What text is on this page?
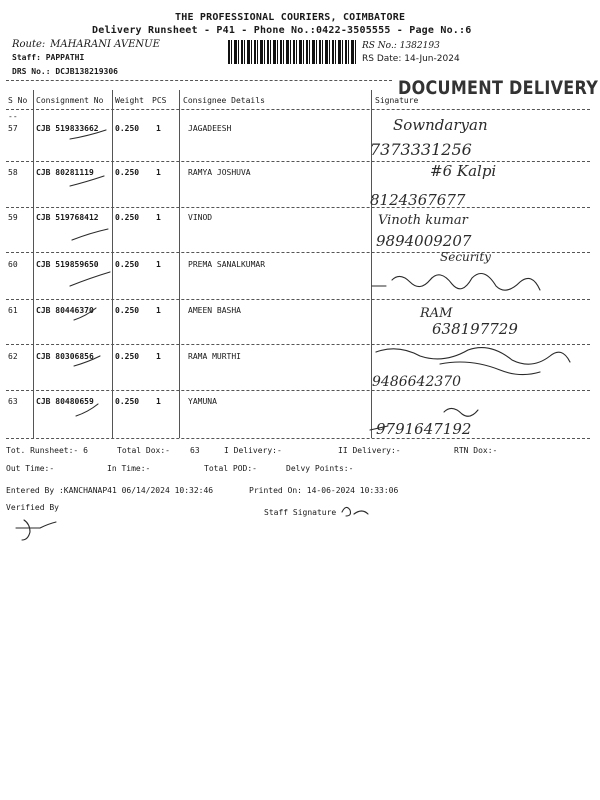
THE PROFESSIONAL COURIERS, COIMBATORE
Delivery Runsheet - P41 - Phone No.:0422-3505555 - Page No.:6
Route: MAHARANI AVENUE
Staff: PAPPATHI
DRS No.: DCJB138219306
RS No.: 1382193
RS Date: 14-Jun-2024
DOCUMENT DELIVERY
S No Consignment No Weight PCS Consignee Details	Signature
--
57 CJB 519833662 0.250 1	JAGADEESH	Sowndaryan
7373331256
58 CJB 80281119	0.250 1	RAMYA JOSHUVA	#6 Kalpi
8124367677
59 CJB 519768412 0.250 1	VINOD	Vinoth kumar
9894009207
60 CJB 519859650 0.250 1	PREMA SANALKUMAR
Security
61 CJB 80446370	0.250 1	AMEEN BASHA	RAM
638197729
62 CJB 80306856	0.250 1	RAMA MURTHI
9486642370
63 CJB 80480659	0.250 1	YAMUNA
9791647192
Tot. Runsheet:- 6	Total Dox:-	63	I Delivery:-	II Delivery:-	RTN Dox:-
Out Time:-	In Time:-	Total POD:-	Delvy Points:-
Entered By :KANCHANAP41 06/14/2024 10:32:46	Printed On: 14-06-2024 10:33:06
Verified By
Staff Signature
